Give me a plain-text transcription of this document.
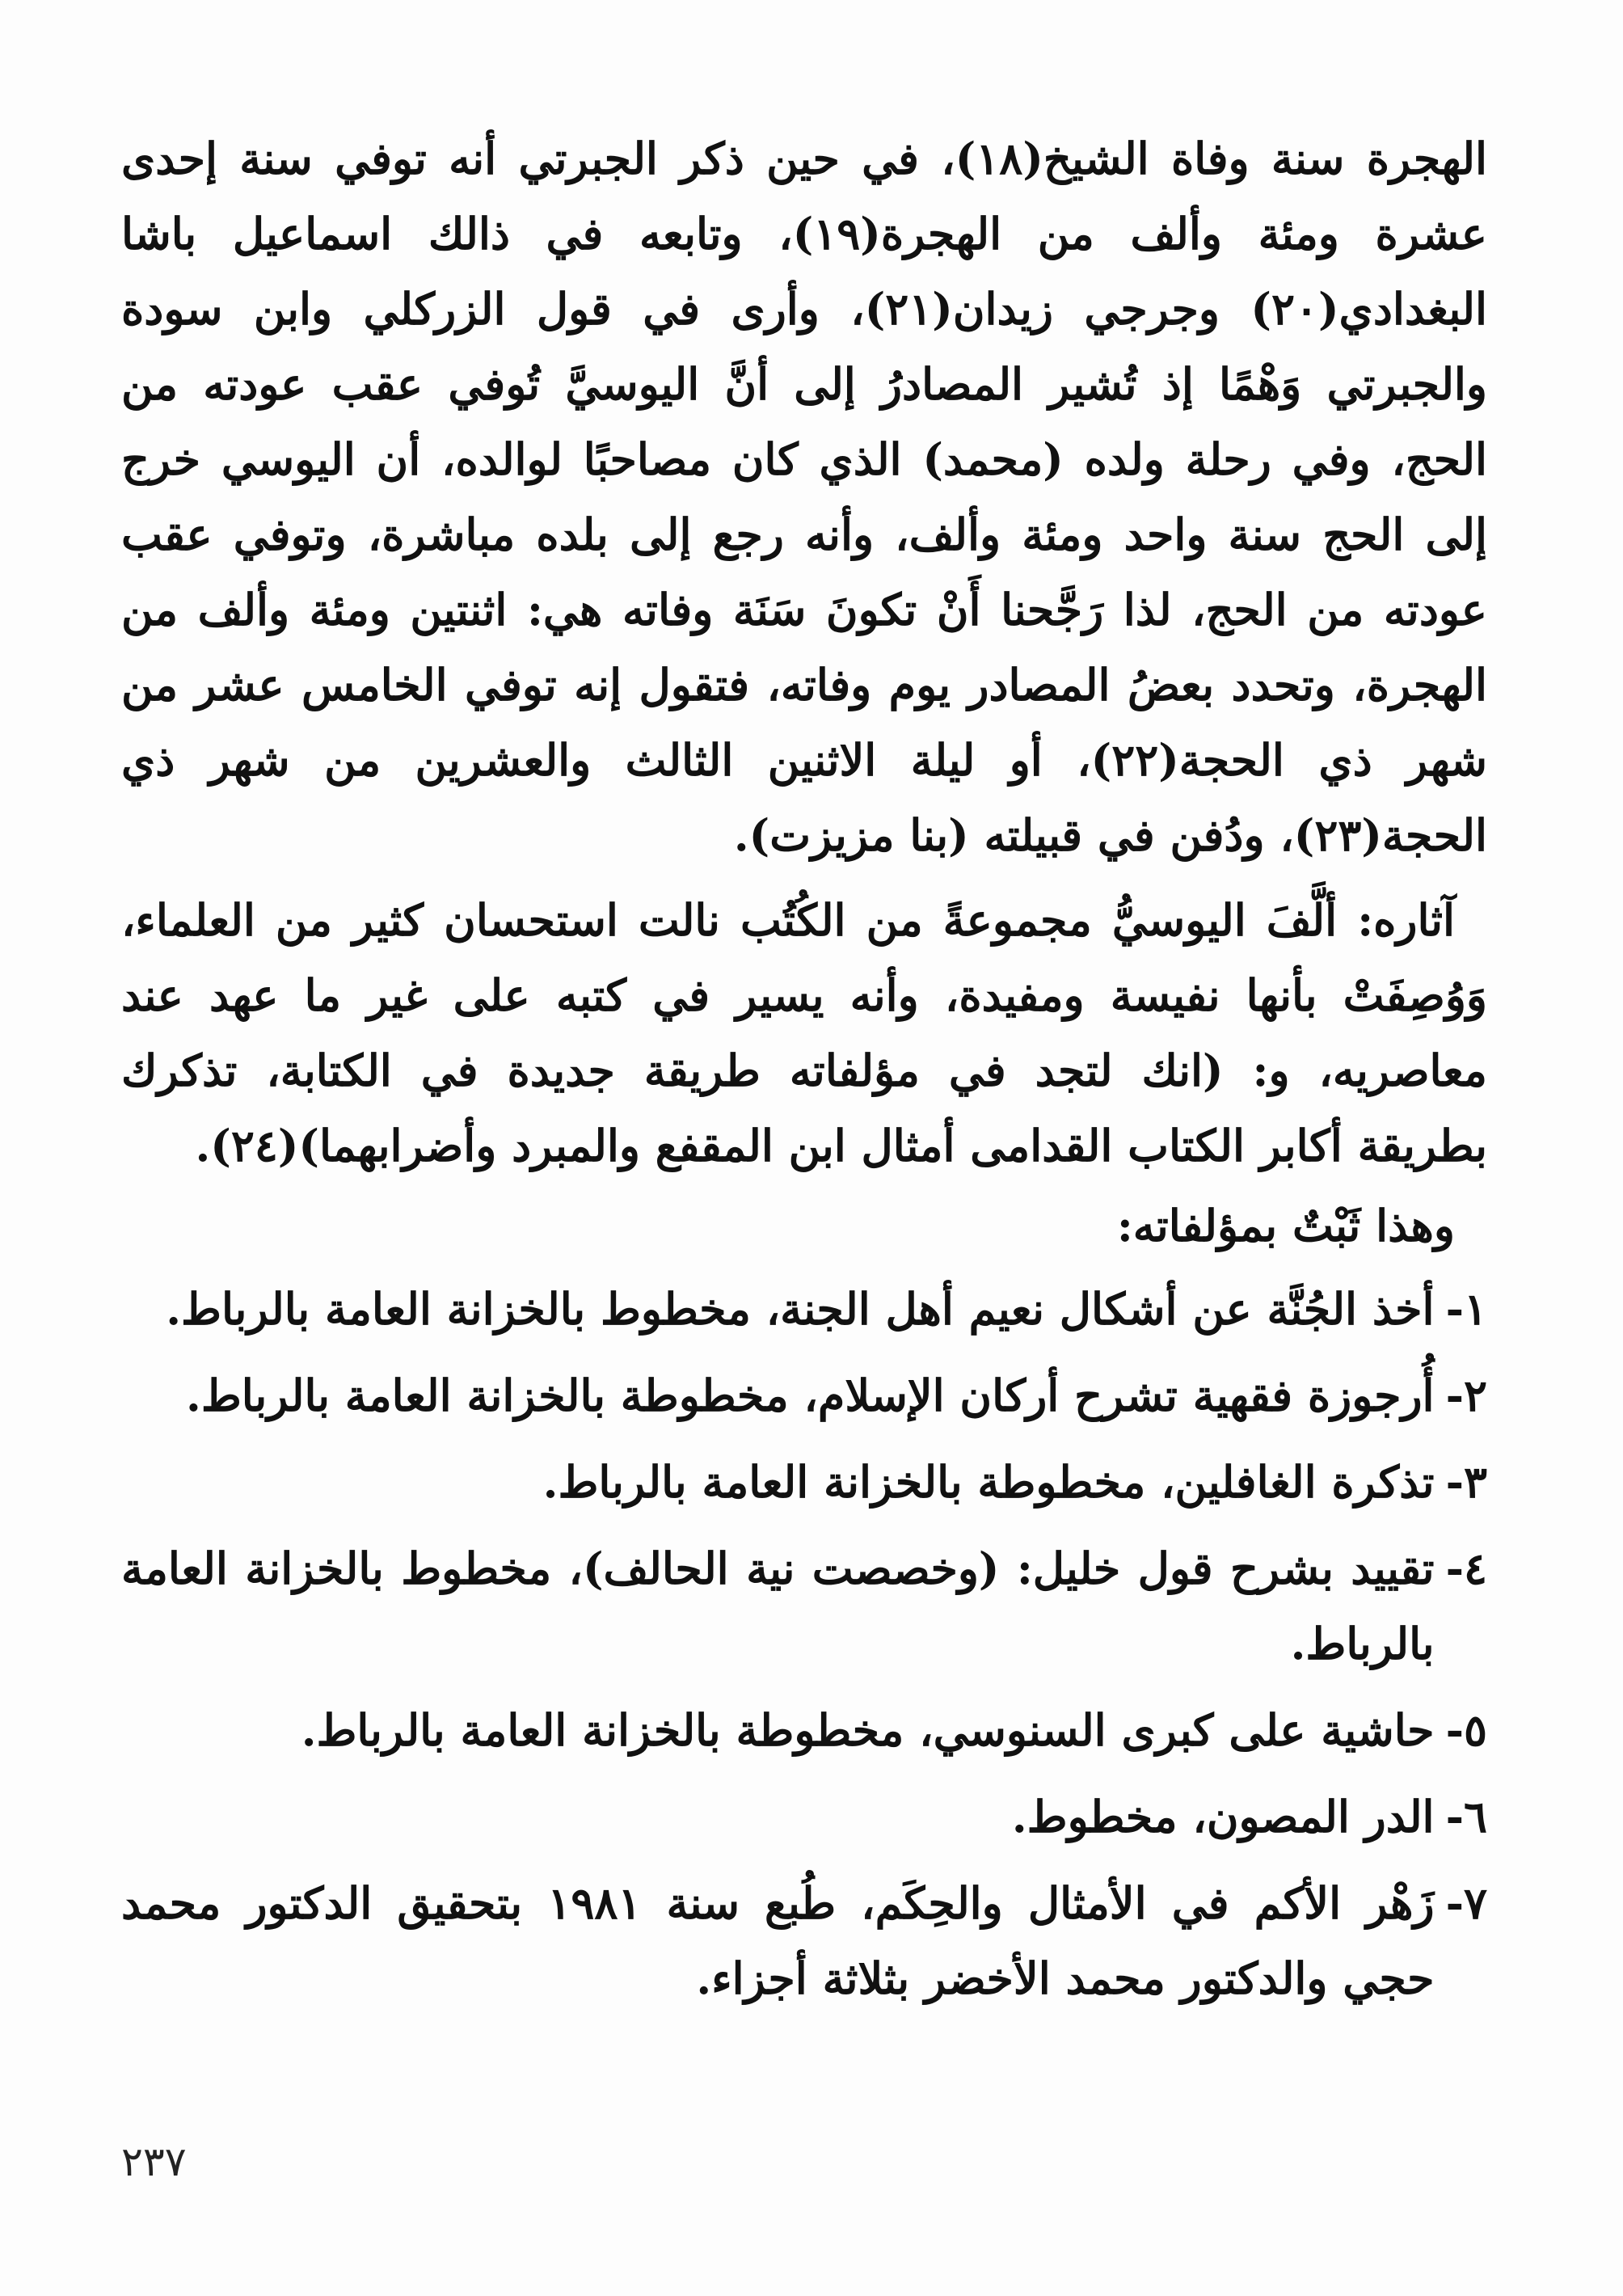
الهجرة سنة وفاة الشيخ(١٨)، في حين ذكر الجبرتي أنه توفي سنة إحدى عشرة ومئة وألف من الهجرة(١٩)، وتابعه في ذالك اسماعيل باشا البغدادي(٢٠) وجرجي زيدان(٢١)، وأرى في قول الزركلي وابن سودة والجبرتي وَهْمًا إذ تُشير المصادرُ إلى أنَّ اليوسيَّ تُوفي عقب عودته من الحج، وفي رحلة ولده (محمد) الذي كان مصاحبًا لوالده، أن اليوسي خرج إلى الحج سنة واحد ومئة وألف، وأنه رجع إلى بلده مباشرة، وتوفي عقب عودته من الحج، لذا رَجَّحنا أَنْ تكونَ سَنَة وفاته هي: اثنتين ومئة وألف من الهجرة، وتحدد بعضُ المصادر يوم وفاته، فتقول إنه توفي الخامس عشر من شهر ذي الحجة(٢٢)، أو ليلة الاثنين الثالث والعشرين من شهر ذي الحجة(٢٣)، ودُفن في قبيلته (بنا مزيزت).

آثاره: ألَّفَ اليوسيُّ مجموعةً من الكُتُب نالت استحسان كثير من العلماء، وَوُصِفَتْ بأنها نفيسة ومفيدة، وأنه يسير في كتبه على غير ما عهد عند معاصريه، و: (انك لتجد في مؤلفاته طريقة جديدة في الكتابة، تذكرك بطريقة أكابر الكتاب القدامى أمثال ابن المقفع والمبرد وأضرابهما)(٢٤).

وهذا ثَبْتٌ بمؤلفاته:
١-
أخذ الجُنَّة عن أشكال نعيم أهل الجنة، مخطوط بالخزانة العامة بالرباط.
٢-
أُرجوزة فقهية تشرح أركان الإسلام، مخطوطة بالخزانة العامة بالرباط.
٣-
تذكرة الغافلين، مخطوطة بالخزانة العامة بالرباط.
٤-
تقييد بشرح قول خليل: (وخصصت نية الحالف)، مخطوط بالخزانة العامة بالرباط.
٥-
حاشية على كبرى السنوسي، مخطوطة بالخزانة العامة بالرباط.
٦-
الدر المصون، مخطوط.
٧-
زَهْر الأكم في الأمثال والحِكَم، طُبع سنة ١٩٨١ بتحقيق الدكتور محمد حجي والدكتور محمد الأخضر بثلاثة أجزاء.
٢٣٧
